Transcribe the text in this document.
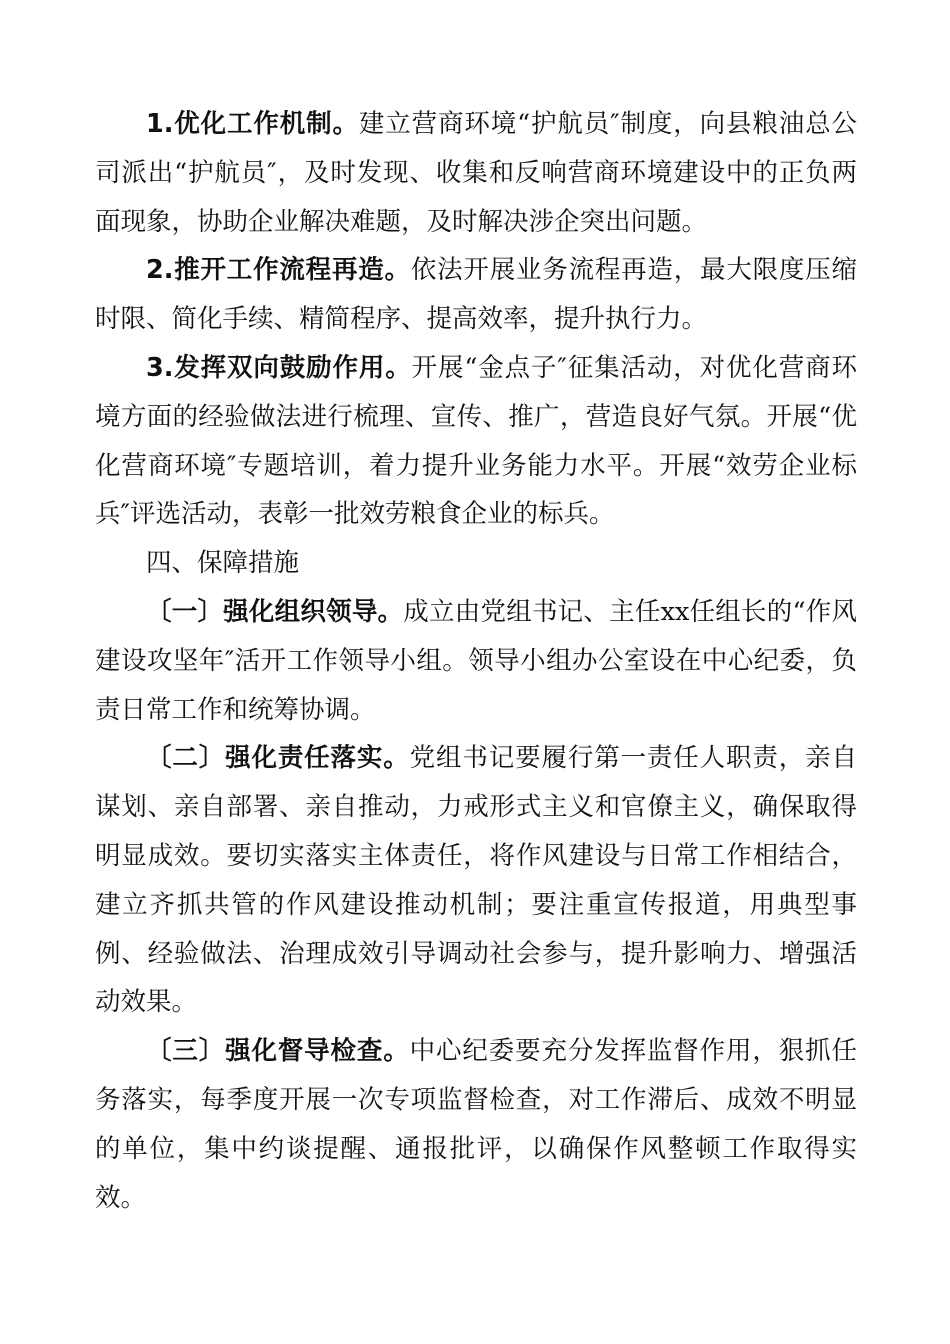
1.优化工作机制。建立营商环境“护航员″制度，向县粮油总公司派出“护航员″，及时发现、收集和反响营商环境建设中的正负两面现象，协助企业解决难题，及时解决涉企突出问题。

2.推开工作流程再造。依法开展业务流程再造，最大限度压缩时限、简化手续、精简程序、提高效率，提升执行力。

3.发挥双向鼓励作用。开展“金点子″征集活动，对优化营商环境方面的经验做法进行梳理、宣传、推广，营造良好气氛。开展“优化营商环境″专题培训，着力提升业务能力水平。开展“效劳企业标兵″评选活动，表彰一批效劳粮食企业的标兵。

四、保障措施

〔一〕强化组织领导。成立由党组书记、主任xx任组长的“作风建设攻坚年″活开工作领导小组。领导小组办公室设在中心纪委，负责日常工作和统筹协调。

〔二〕强化责任落实。党组书记要履行第一责任人职责，亲自谋划、亲自部署、亲自推动，力戒形式主义和官僚主义，确保取得明显成效。要切实落实主体责任，将作风建设与日常工作相结合，建立齐抓共管的作风建设推动机制；要注重宣传报道，用典型事例、经验做法、治理成效引导调动社会参与，提升影响力、增强活动效果。

〔三〕强化督导检查。中心纪委要充分发挥监督作用，狠抓任务落实，每季度开展一次专项监督检查，对工作滞后、成效不明显的单位，集中约谈提醒、通报批评，以确保作风整顿工作取得实效。
